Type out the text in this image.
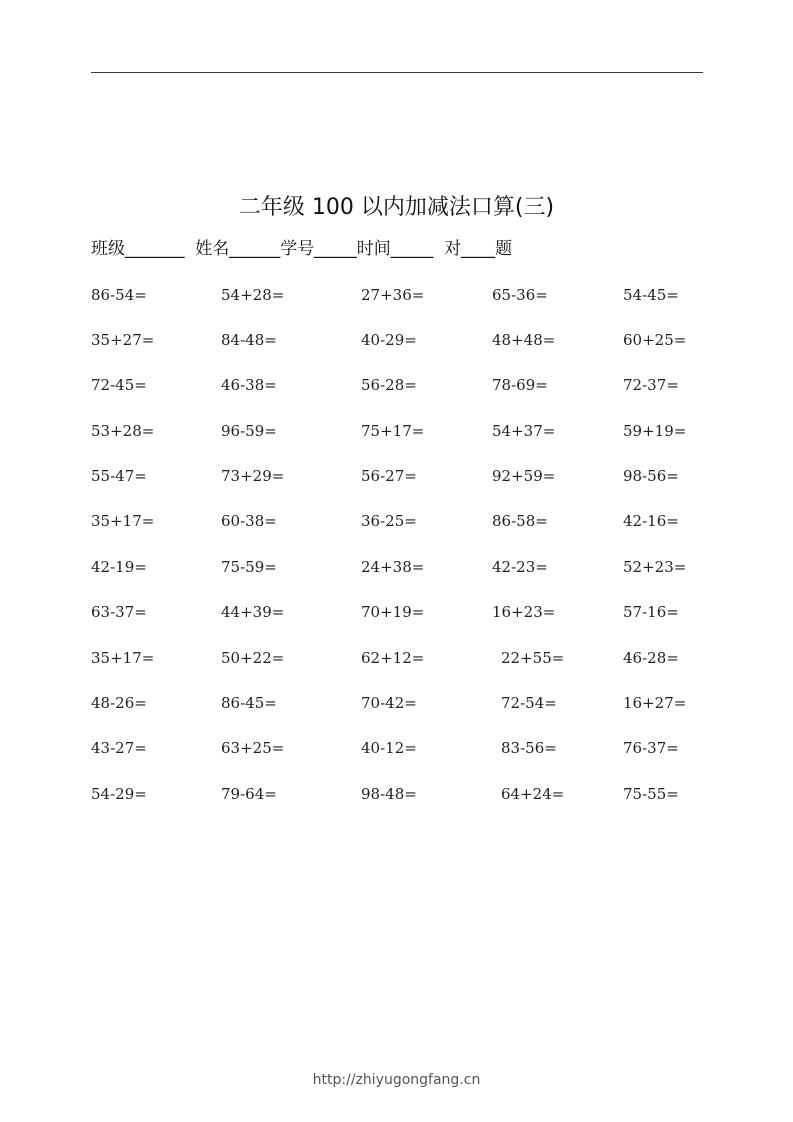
二年级 100 以内加减法口算(三)
班级_______  姓名______学号_____时间_____  对____题
86-54=	54+28=	27+36=	65-36=	54-45=
35+27=	84-48=	40-29=	48+48=	60+25=
72-45=	46-38=	56-28=	78-69=	72-37=
53+28=	96-59=	75+17=	54+37=	59+19=
55-47=	73+29=	56-27=	92+59=	98-56=
35+17=	60-38=	36-25=	86-58=	42-16=
42-19=	75-59=	24+38=	42-23=	52+23=
63-37=	44+39=	70+19=	16+23=	57-16=
35+17=	50+22=	62+12=	22+55=	46-28=
48-26=	86-45=	70-42=	72-54=	16+27=
43-27=	63+25=	40-12=	83-56=	76-37=
54-29=	79-64=	98-48=	64+24=	75-55=
http://zhiyugongfang.cn
